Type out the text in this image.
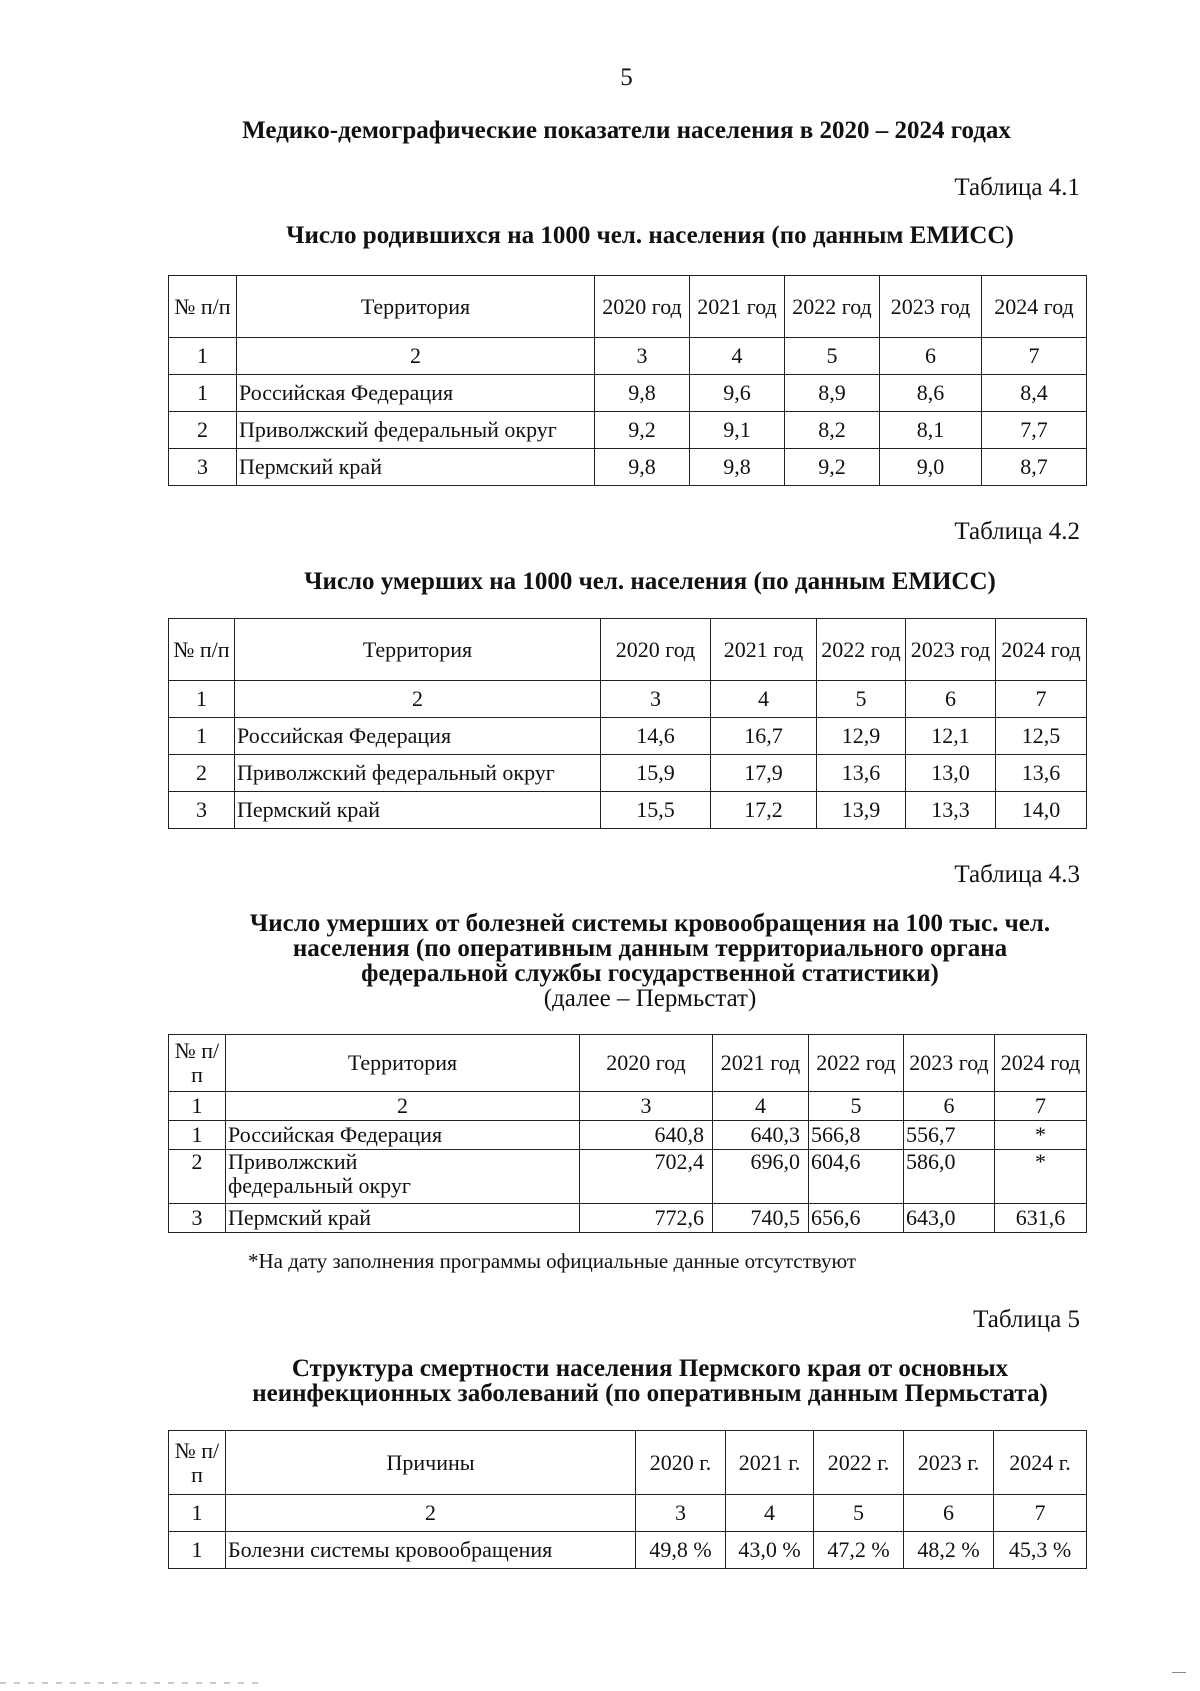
5
Медико-демографические показатели населения в 2020 – 2024 годах
Таблица 4.1
Число родившихся на 1000 чел. населения (по данным ЕМИСС)
№ п/п	Территория	2020 год	2021 год	2022 год	2023 год	2024 год
1	2	3	4	5	6	7
1	Российская Федерация	9,8	9,6	8,9	8,6	8,4
2	Приволжский федеральный округ	9,2	9,1	8,2	8,1	7,7
3	Пермский край	9,8	9,8	9,2	9,0	8,7
Таблица 4.2
Число умерших на 1000 чел. населения (по данным ЕМИСС)
№ п/п	Территория	2020 год	2021 год	2022 год	2023 год	2024 год
1	2	3	4	5	6	7
1	Российская Федерация	14,6	16,7	12,9	12,1	12,5
2	Приволжский федеральный округ	15,9	17,9	13,6	13,0	13,6
3	Пермский край	15,5	17,2	13,9	13,3	14,0
Таблица 4.3
Число умерших от болезней системы кровообращения на 100 тыс. чел.
населения (по оперативным данным территориального органа
федеральной службы государственной статистики)
(далее – Пермьстат)
№ п/п	Территория	2020 год	2021 год	2022 год	2023 год	2024 год
1	2	3	4	5	6	7
1	Российская Федерация	640,8	640,3	566,8	556,7	*
2	Приволжский федеральный округ	702,4	696,0	604,6	586,0	*
3	Пермский край	772,6	740,5	656,6	643,0	631,6
*На дату заполнения программы официальные данные отсутствуют
Таблица 5
Структура смертности населения Пермского края от основных
неинфекционных заболеваний (по оперативным данным Пермьстата)
№ п/п	Причины	2020 г.	2021 г.	2022 г.	2023 г.	2024 г.
1	2	3	4	5	6	7
1	Болезни системы кровообращения	49,8 %	43,0 %	47,2 %	48,2 %	45,3 %
